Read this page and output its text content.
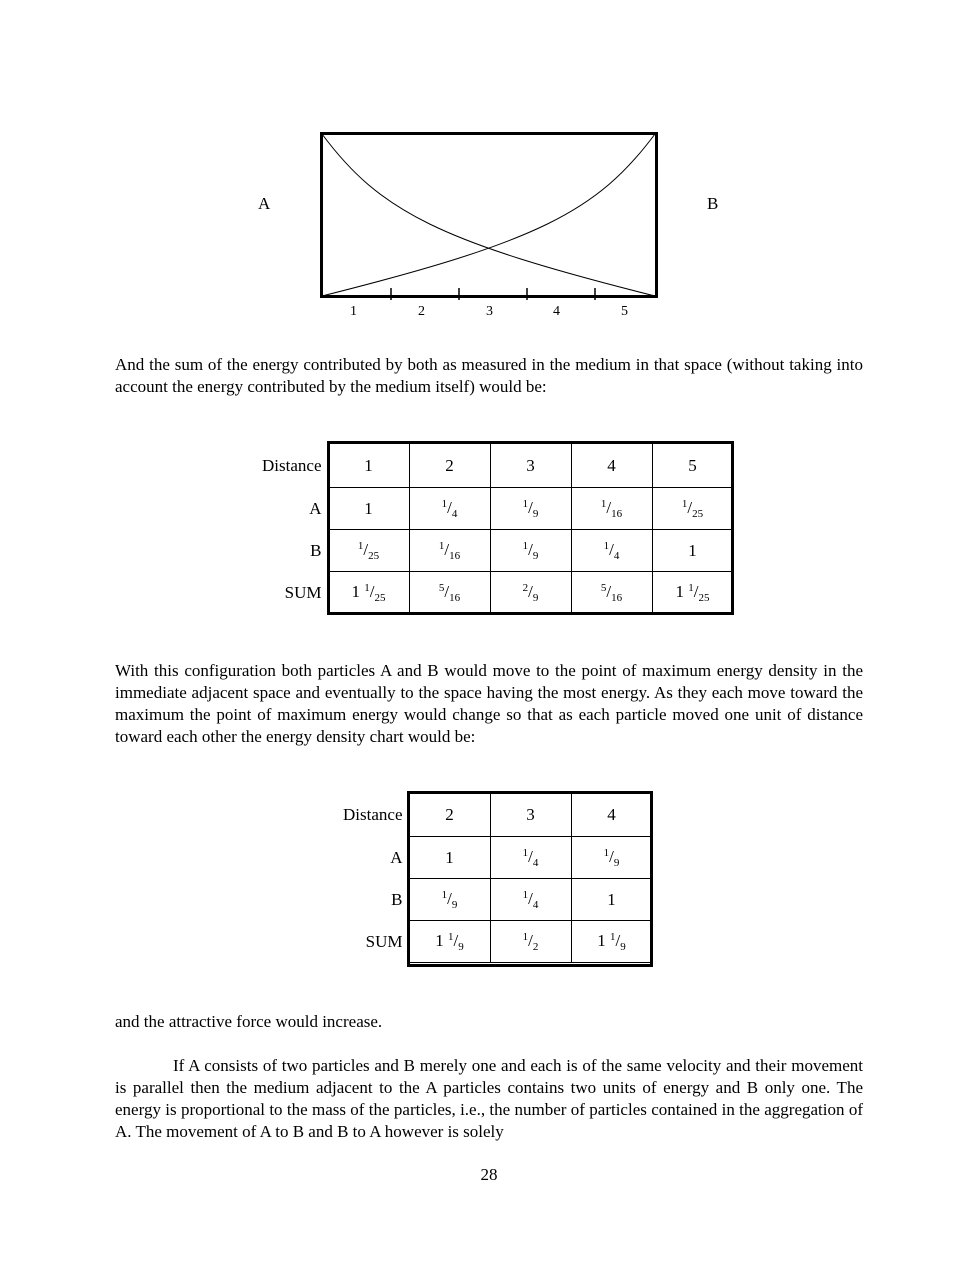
A	B
1	2	3	4	5

And the sum of the energy contributed by both as measured in the medium in that space (without taking into account the energy contributed by the medium itself) would be:

Distance	1	2	3	4	5
A	1	$^1/_4$	$^1/_9$	$^1/_{16}$	$^1/_{25}$
B	$^1/_{25}$	$^1/_{16}$	$^1/_9$	$^1/_4$	1
SUM	1 $^1/_{25}$	$^5/_{16}$	$^2/_9$	$^5/_{16}$	1 $^1/_{25}$

With this configuration both particles A and B would move to the point of maximum energy density in the immediate adjacent space and eventually to the space having the most energy. As they each move toward the maximum the point of maximum energy would change so that as each particle moved one unit of distance toward each other the energy density chart would be:

Distance	2	3	4
A	1	$^1/_4$	$^1/_9$
B	$^1/_9$	$^1/_4$	1
SUM	1 $^1/_9$	$^1/_2$	1 $^1/_9$

and the attractive force would increase.

If A consists of two particles and B merely one and each is of the same velocity and their movement is parallel then the medium adjacent to the A particles contains two units of energy and B only one. The energy is proportional to the mass of the particles, i.e., the number of particles contained in the aggregation of A. The movement of A to B and B to A however is solely

28
